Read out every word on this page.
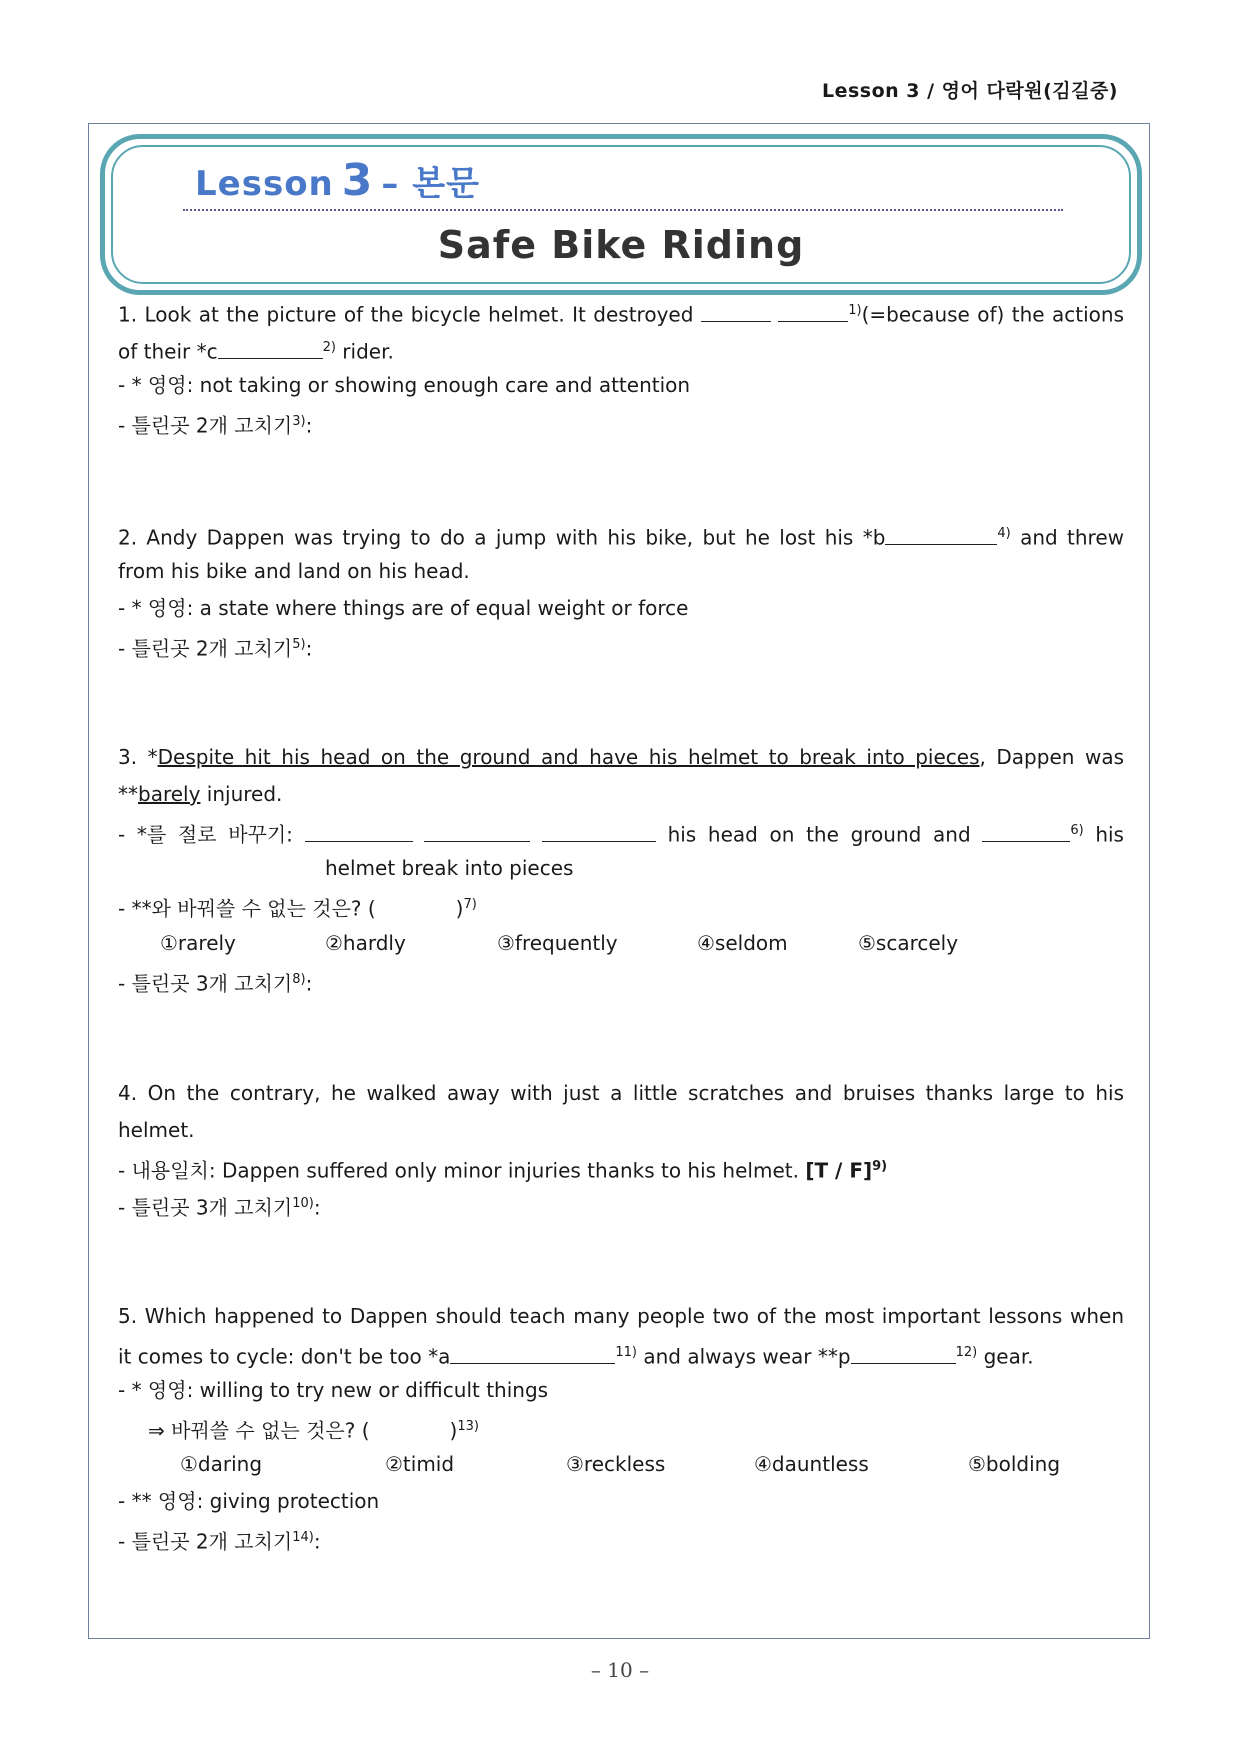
Lesson 3 / 영어 다락원(김길중)
Lesson 3 – 본문
Safe Bike Riding
1. Look at the picture of the bicycle helmet. It destroyed	$^{1)}$(=because of) the actions
of their *c	$^{2)}$ rider.
- * 영영: not taking or showing enough care and attention
- 틀린곳 2개 고치기$^{3)}$:
2. Andy Dappen was trying to do a jump with his bike, but he lost his *b	$^{4)}$ and threw
from his bike and land on his head.
- * 영영: a state where things are of equal weight or force
- 틀린곳 2개 고치기$^{5)}$:
3. *Despite hit his head on the ground and have his helmet to break into pieces, Dappen was
**barely injured.
- *를 절로 바꾸기:	his head on the ground and	$^{6)}$ his
helmet break into pieces
- **와 바꿔쓸 수 없는 것은? (	)$^{7)}$
①rarely	②hardly	③frequently	④seldom	⑤scarcely
- 틀린곳 3개 고치기$^{8)}$:
4. On the contrary, he walked away with just a little scratches and bruises thanks large to his
helmet.
- 내용일치: Dappen suffered only minor injuries thanks to his helmet. [T / F]$^{9)}$
- 틀린곳 3개 고치기$^{10)}$:
5. Which happened to Dappen should teach many people two of the most important lessons when
it comes to cycle: don't be too *a	$^{11)}$ and always wear **p	$^{12)}$ gear.
- * 영영: willing to try new or difficult things
⇒ 바꿔쓸 수 없는 것은? (	)$^{13)}$
①daring	②timid	③reckless	④dauntless	⑤bolding
- ** 영영: giving protection
- 틀린곳 2개 고치기$^{14)}$:
– 10 –
